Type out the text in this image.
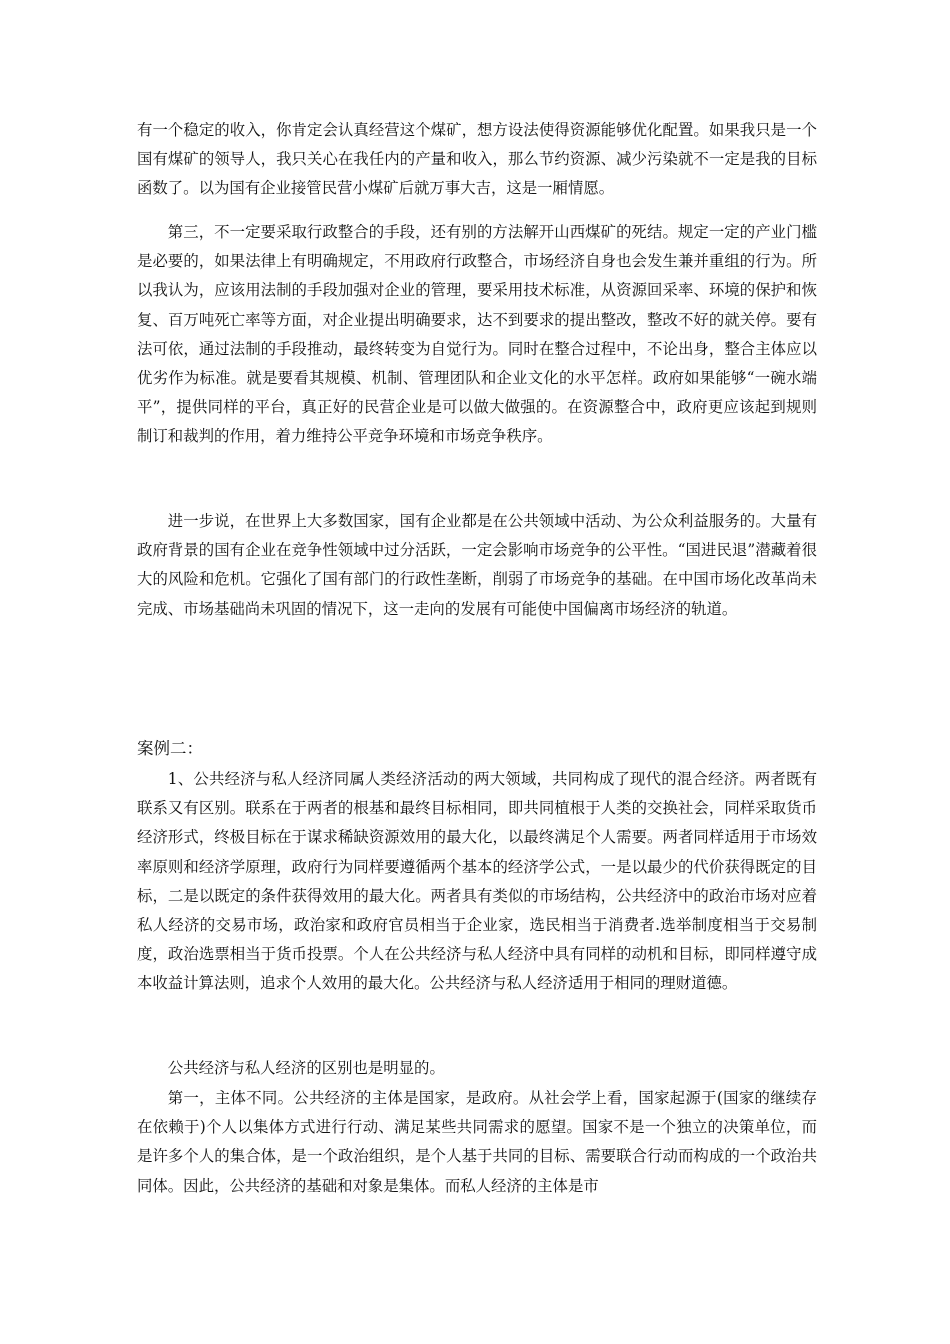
有一个稳定的收入，你肯定会认真经营这个煤矿，想方设法使得资源能够优化配置。如果我只是一个国有煤矿的领导人，我只关心在我任内的产量和收入，那么节约资源、减少污染就不一定是我的目标函数了。以为国有企业接管民营小煤矿后就万事大吉，这是一厢情愿。

第三，不一定要采取行政整合的手段，还有别的方法解开山西煤矿的死结。规定一定的产业门槛是必要的，如果法律上有明确规定，不用政府行政整合，市场经济自身也会发生兼并重组的行为。所以我认为，应该用法制的手段加强对企业的管理，要采用技术标准，从资源回采率、环境的保护和恢复、百万吨死亡率等方面，对企业提出明确要求，达不到要求的提出整改，整改不好的就关停。要有法可依，通过法制的手段推动，最终转变为自觉行为。同时在整合过程中，不论出身，整合主体应以优劣作为标准。就是要看其规模、机制、管理团队和企业文化的水平怎样。政府如果能够“一碗水端平”，提供同样的平台，真正好的民营企业是可以做大做强的。在资源整合中，政府更应该起到规则制订和裁判的作用，着力维持公平竞争环境和市场竞争秩序。

进一步说，在世界上大多数国家，国有企业都是在公共领域中活动、为公众利益服务的。大量有政府背景的国有企业在竞争性领域中过分活跃，一定会影响市场竞争的公平性。“国进民退”潜藏着很大的风险和危机。它强化了国有部门的行政性垄断，削弱了市场竞争的基础。在中国市场化改革尚未完成、市场基础尚未巩固的情况下，这一走向的发展有可能使中国偏离市场经济的轨道。

案例二：

1、公共经济与私人经济同属人类经济活动的两大领域，共同构成了现代的混合经济。两者既有联系又有区别。联系在于两者的根基和最终目标相同，即共同植根于人类的交换社会，同样采取货币经济形式，终极目标在于谋求稀缺资源效用的最大化，以最终满足个人需要。两者同样适用于市场效率原则和经济学原理，政府行为同样要遵循两个基本的经济学公式，一是以最少的代价获得既定的目标，二是以既定的条件获得效用的最大化。两者具有类似的市场结构，公共经济中的政治市场对应着私人经济的交易市场，政治家和政府官员相当于企业家，选民相当于消费者.选举制度相当于交易制度，政治选票相当于货币投票。个人在公共经济与私人经济中具有同样的动机和目标，即同样遵守成本收益计算法则，追求个人效用的最大化。公共经济与私人经济适用于相同的理财道德。

公共经济与私人经济的区别也是明显的。

第一，主体不同。公共经济的主体是国家，是政府。从社会学上看，国家起源于(国家的继续存在依赖于)个人以集体方式进行行动、满足某些共同需求的愿望。国家不是一个独立的决策单位，而是许多个人的集合体，是一个政治组织，是个人基于共同的目标、需要联合行动而构成的一个政治共同体。因此，公共经济的基础和对象是集体。而私人经济的主体是市
